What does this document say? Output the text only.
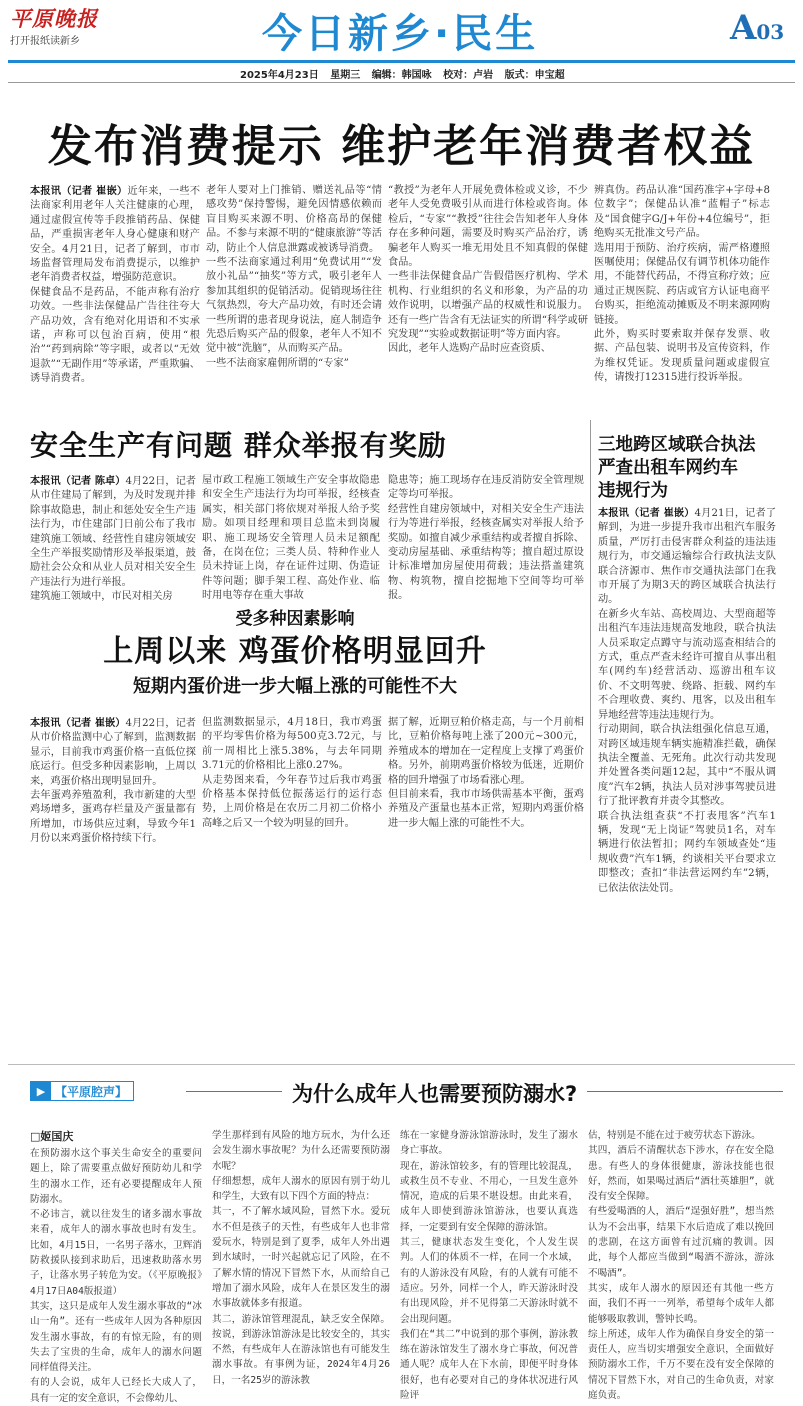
平原晚报
打开报纸读新乡	今日新乡·民生	A03
2025年4月23日 星期三 编辑：韩国咏 校对：卢岩 版式：申宝超
发布消费提示 维护老年消费者权益
本报讯（记者 崔嵌）近年来，一些不法商家利用老年人关注健康的心理，通过虚假宣传等手段推销药品、保健品，严重损害老年人身心健康和财产安全。4月21日，记者了解到，市市场监督管理局发布消费提示，以维护老年消费者权益，增强防范意识。
保健食品不是药品，不能声称有治疗功效。一些非法保健品广告往往夸大产品功效，含有绝对化用语和不实承诺，声称可以包治百病，使用“根治”“药到病除”等字眼，或者以“无效退款”“无副作用”等承诺，严重欺骗、诱导消费者。
老年人要对上门推销、赠送礼品等“情感攻势”保持警惕，避免因情感依赖而盲目购买来源不明、价格高昂的保健品。不参与来源不明的“健康旅游”等活动，防止个人信息泄露或被诱导消费。
一些不法商家通过利用“免费试用”“发放小礼品”“抽奖”等方式，吸引老年人参加其组织的促销活动。促销现场往往气氛热烈，夸大产品功效，有时还会请一些所谓的患者现身说法，庭人制造争先恐后购买产品的假象，老年人不知不觉中被“洗脑”，从而购买产品。
一些不法商家雇佣所谓的“专家”
“教授”为老年人开展免费体检或义诊，不少老年人受免费吸引从而进行体检或咨询。体检后，“专家”“教授”往往会告知老年人身体存在多种问题，需要及时购买产品治疗，诱骗老年人购买一堆无用处且不知真假的保健食品。
一些非法保健食品广告假借医疗机构、学术机构、行业组织的名义和形象，为产品的功效作说明，以增强产品的权威性和说服力。还有一些广告含有无法证实的所谓“科学或研究发现”“实验或数据证明”等方面内容。
因此，老年人选购产品时应查资质、
辨真伪。药品认准“国药准字+字母+8位数字”；保健品认准“蓝帽子”标志及“国食健字G/J+年份+4位编号”，拒绝购买无批准文号产品。
选用用于预防、治疗疾病，需严格遵照医嘱使用；保健品仅有调节机体功能作用，不能替代药品，不得宣称疗效；应通过正规医院、药店或官方认证电商平台购买，拒绝流动摊贩及不明来源网购链接。
此外，购买时要索取并保存发票、收据、产品包装、说明书及宣传资料，作为维权凭证。发现质量问题或虚假宣传，请拨打12315进行投诉举报。
安全生产有问题 群众举报有奖励
本报讯（记者 陈卓）4月22日，记者从市住建局了解到，为及时发现并排除事故隐患，制止和惩处安全生产违法行为，市住建部门日前公布了我市建筑施工领域、经营性自建房领域安全生产举报奖励情形及举报渠道，鼓励社会公众和从业人员对相关安全生产违法行为进行举报。
建筑施工领域中，市民对相关房
屋市政工程施工领域生产安全事故隐患和安全生产违法行为均可举报，经核查属实，相关部门将依规对举报人给予奖励。如项目经理和项目总监未到岗履职、施工现场安全管理人员未足额配备，在岗在位；三类人员、特种作业人员未持证上岗，存在证件过期、伪造证件等问题；脚手架工程、高处作业、临时用电等存在重大事故
隐患等；施工现场存在违反消防安全管理规定等均可举报。
经营性自建房领域中，对相关安全生产违法行为等进行举报，经核查属实对举报人给予奖励。如擅自减少承重结构或者擅自拆除、变动房屋基础、承重结构等；擅自超过原设计标准增加房屋使用荷载；违法搭盖建筑物、构筑物，擅自挖掘地下空间等均可举报。
三地跨区域联合执法
严查出租车网约车
违规行为
本报讯（记者 崔嵌）4月21日，记者了解到，为进一步提升我市出租汽车服务质量，严厉打击侵害群众利益的违法违规行为，市交通运输综合行政执法支队联合济源市、焦作市交通执法部门在我市开展了为期3天的跨区域联合执法行动。
在新乡火车站、高校周边、大型商超等出租汽车违法违规高发地段，联合执法人员采取定点蹲守与流动巡查相结合的方式，重点严查未经许可擅自从事出租车(网约车)经营活动、巡游出租车议价、不文明驾驶、绕路、拒载、网约车不合理收费、爽约、甩客，以及出租车异地经营等违法违规行为。
行动期间，联合执法组强化信息互通，对跨区域违规车辆实施精准拦截，确保执法全覆盖、无死角。此次行动共发现并处置各类问题12起，其中“不服从调度”汽车2辆，执法人员对涉事驾驶员进行了批评教育并责令其整改。
联合执法组查获“不打表甩客”汽车1辆，发现“无上岗证”驾驶员1名，对车辆进行依法暂扣；网约车领域查处“违规收费”汽车1辆，约谈相关平台要求立即整改；查扣“非法营运网约车”2辆，已依法依法处罚。
受多种因素影响
上周以来 鸡蛋价格明显回升
短期内蛋价进一步大幅上涨的可能性不大
本报讯（记者 崔嵌）4月22日，记者从市价格监测中心了解到，监测数据显示，目前我市鸡蛋价格一直低位探底运行。但受多种因素影响，上周以来，鸡蛋价格出现明显回升。
去年蛋鸡养殖盈利，我市新建的大型鸡场增多，蛋鸡存栏量及产蛋量都有所增加，市场供应过剩，导致今年1月份以来鸡蛋价格持续下行。
但监测数据显示，4月18日，我市鸡蛋的平均零售价格为每500克3.72元，与前一周相比上涨5.38%，与去年同期3.71元的价格相比上涨0.27%。
从走势图来看，今年春节过后我市鸡蛋价格基本保持低位振荡运行的运行态势，上周价格是在农历二月初二价格小高峰之后又一个较为明显的回升。
据了解，近期豆粕价格走高，与一个月前相比，豆粕价格每吨上涨了200元~300元，养殖成本的增加在一定程度上支撑了鸡蛋价格。另外，前期鸡蛋价格较为低迷，近期价格的回升增强了市场看涨心理。
但目前来看，我市市场供需基本平衡，蛋鸡养殖及产蛋量也基本正常，短期内鸡蛋价格进一步大幅上涨的可能性不大。
▶ 【平原腔声】	为什么成年人也需要预防溺水?
□姬国庆
在预防溺水这个事关生命安全的重要问题上，除了需要重点做好预防幼儿和学生的溺水工作，还有必要提醒成年人预防溺水。
不必讳言，就以往发生的诸多溺水事故来看，成年人的溺水事故也时有发生。比如，4月15日，一名男子落水，卫辉消防救援队接到求助后，迅速救助落水男子，让落水男子转危为安。（《平原晚报》4月17日A04版报道）
其实，这只是成年人发生溺水事故的“冰山一角”。还有一些成年人因为各种原因发生溺水事故，有的有惊无险，有的则失去了宝贵的生命，成年人的溺水问题同样值得关注。
有的人会说，成年人已经长大成人了，具有一定的安全意识，不会像幼儿、
学生那样到有风险的地方玩水，为什么还会发生溺水事故呢？为什么还需要预防溺水呢？
仔细想想，成年人溺水的原因有别于幼儿和学生，大致有以下四个方面的特点：
其一，不了解水域风险，冒然下水。爱玩水不但是孩子的天性，有些成年人也非常爱玩水，特别是到了夏季，成年人外出遇到水域时，一时兴起就忘记了风险，在不了解水情的情况下冒然下水，从而给自己增加了溺水风险，成年人在景区发生的溺水事故就体多有报道。
其二，游泳馆管理混乱，缺乏安全保障。按说，到游泳馆游泳是比较安全的，其实不然，有些成年人在游泳馆也有可能发生溺水事故。有事例为证，2024年4月26日，一名25岁的游泳教
练在一家健身游泳馆游泳时，发生了溺水身亡事故。
现在，游泳馆较多，有的管理比较混乱，或救生员不专业、不用心，一旦发生意外情况，造成的后果不堪设想。由此来看，成年人即使到游泳馆游泳，也要认真选择，一定要到有安全保障的游泳馆。
其三，健康状态发生变化，个人发生误判。人们的体质不一样，在同一个水域，有的人游泳没有风险，有的人就有可能不适应。另外，同样一个人，昨天游泳时没有出现风险，并不见得第二天游泳时就不会出现问题。
我们在“其二”中说到的那个事例，游泳教练在游泳馆发生了溺水身亡事故，何况普通人呢？成年人在下水前，即便平时身体很好，也有必要对自己的身体状况进行风险评
估，特别是不能在过于疲劳状态下游泳。
其四，酒后不清醒状态下涉水，存在安全隐患。有些人的身体很健康，游泳技能也很好，然而，如果喝过酒后“酒壮英雄胆”，就没有安全保障。
有些爱喝酒的人，酒后“逞强好胜”，想当然认为不会出事，结果下水后造成了难以挽回的悲剧，在这方面曾有过沉痛的教训。因此，每个人都应当做到“喝酒不游泳，游泳不喝酒”。
其实，成年人溺水的原因还有其他一些方面，我们不再一一列举，希望每个成年人都能够吸取教训，警钟长鸣。
综上所述，成年人作为确保自身安全的第一责任人，应当切实增强安全意识，全面做好预防溺水工作，千万不要在没有安全保障的情况下冒然下水，对自己的生命负责，对家庭负责。
